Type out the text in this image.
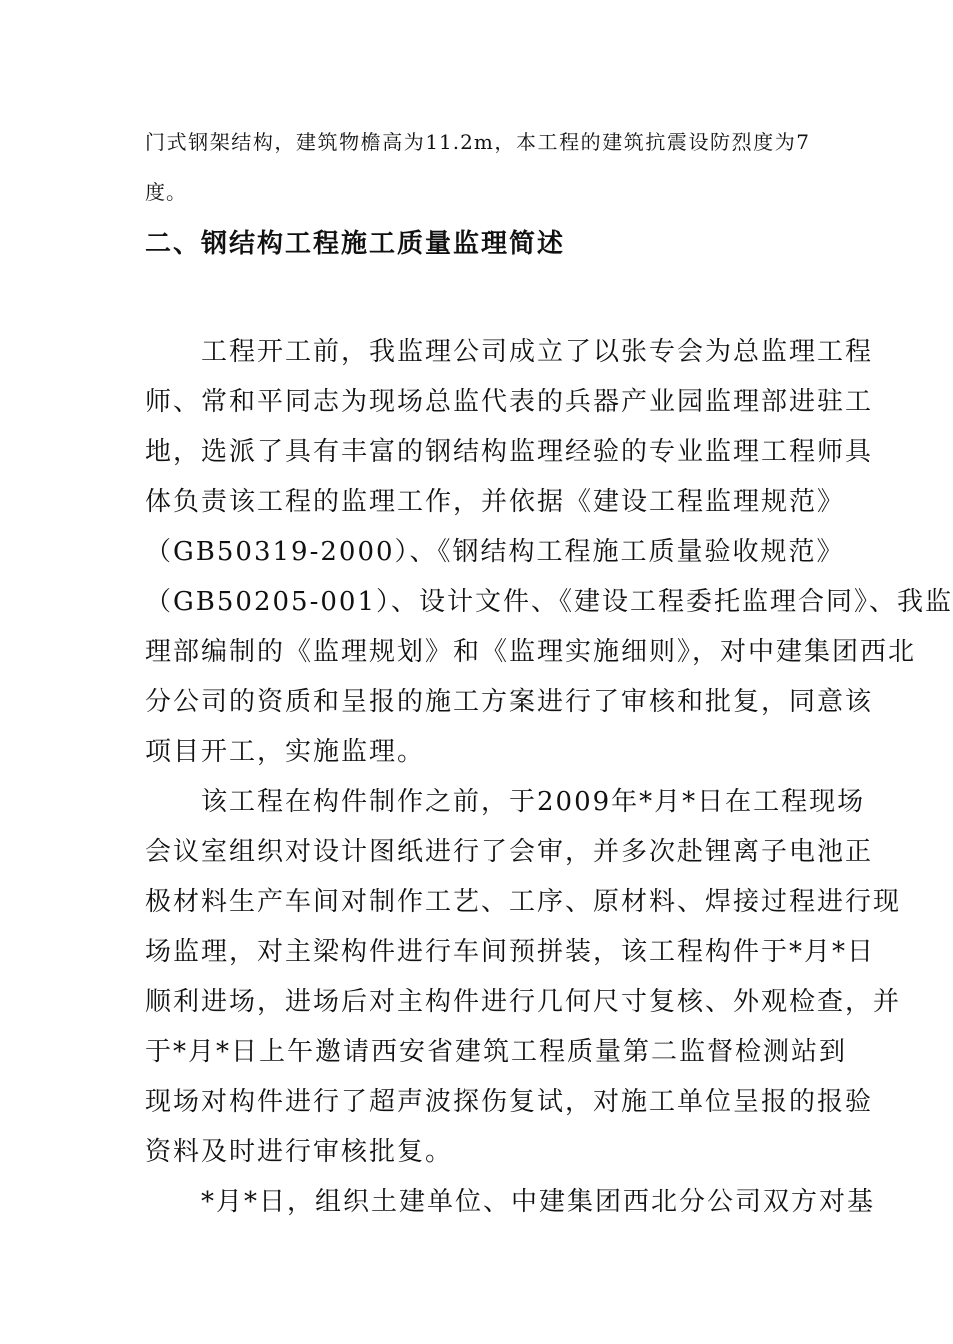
门式钢架结构，建筑物檐高为11.2m，本工程的建筑抗震设防烈度为7
度。
二、钢结构工程施工质量监理简述
　　工程开工前，我监理公司成立了以张专会为总监理工程
师、常和平同志为现场总监代表的兵器产业园监理部进驻工
地，选派了具有丰富的钢结构监理经验的专业监理工程师具
体负责该工程的监理工作，并依据《建设工程监理规范》
（GB50319-2000）、《钢结构工程施工质量验收规范》
（GB50205-001）、设计文件、《建设工程委托监理合同》、我监
理部编制的《监理规划》和《监理实施细则》，对中建集团西北
分公司的资质和呈报的施工方案进行了审核和批复，同意该
项目开工，实施监理。
　　该工程在构件制作之前，于2009年*月*日在工程现场
会议室组织对设计图纸进行了会审，并多次赴锂离子电池正
极材料生产车间对制作工艺、工序、原材料、焊接过程进行现
场监理，对主梁构件进行车间预拼装，该工程构件于*月*日
顺利进场，进场后对主构件进行几何尺寸复核、外观检查，并
于*月*日上午邀请西安省建筑工程质量第二监督检测站到
现场对构件进行了超声波探伤复试，对施工单位呈报的报验
资料及时进行审核批复。
　　*月*日，组织土建单位、中建集团西北分公司双方对基
